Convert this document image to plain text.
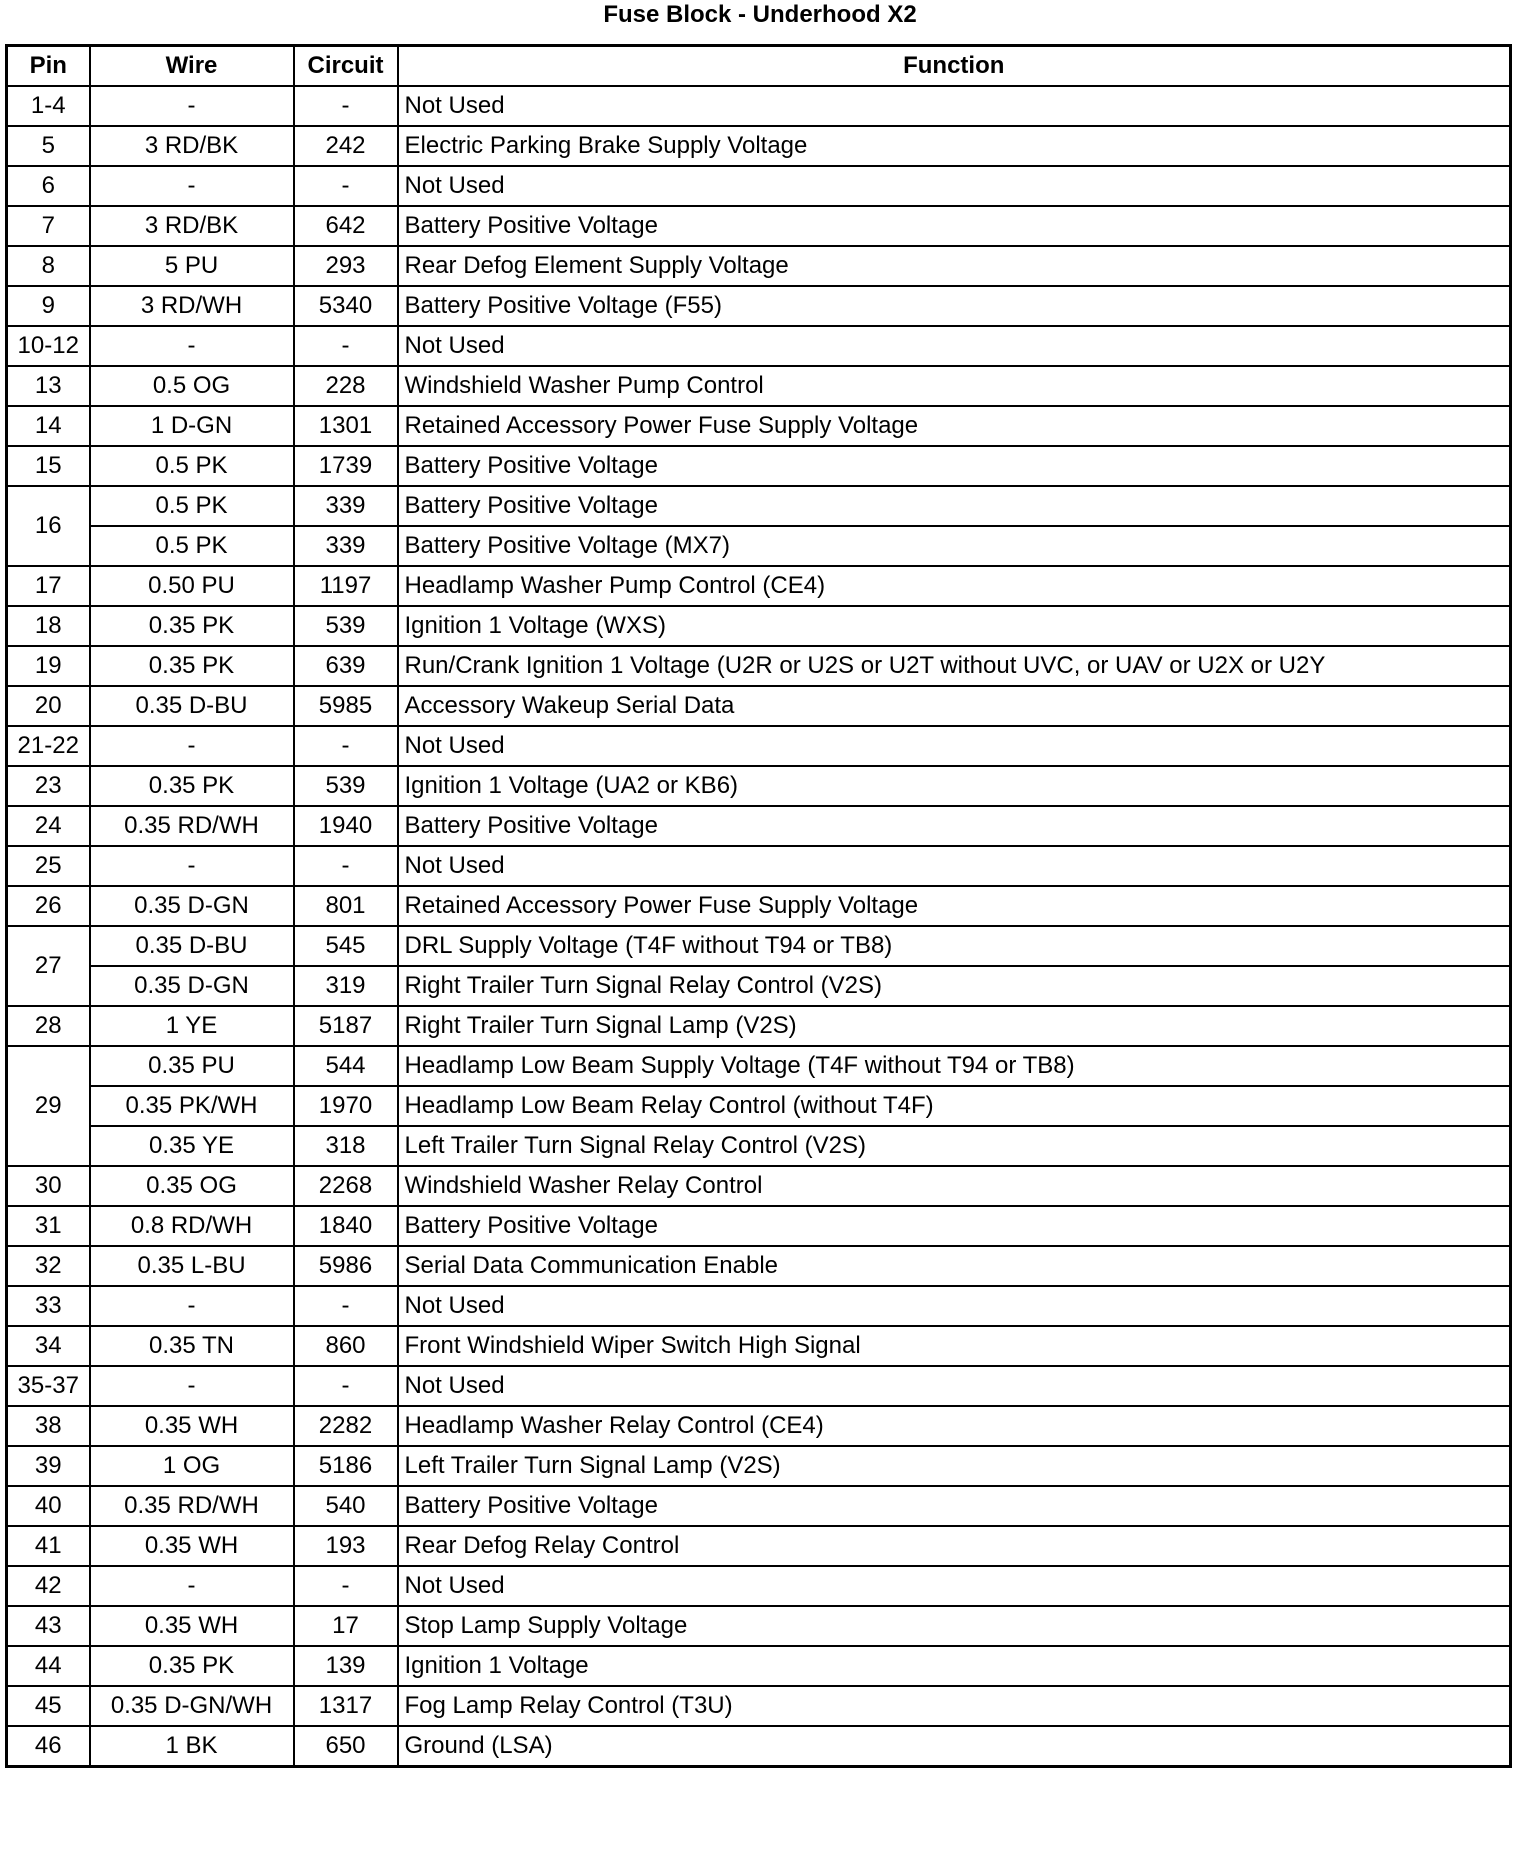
Fuse Block - Underhood X2
Pin	Wire	Circuit	Function
1-4	-	-	Not Used
5	3 RD/BK	242	Electric Parking Brake Supply Voltage
6	-	-	Not Used
7	3 RD/BK	642	Battery Positive Voltage
8	5 PU	293	Rear Defog Element Supply Voltage
9	3 RD/WH	5340	Battery Positive Voltage (F55)
10-12	-	-	Not Used
13	0.5 OG	228	Windshield Washer Pump Control
14	1 D-GN	1301	Retained Accessory Power Fuse Supply Voltage
15	0.5 PK	1739	Battery Positive Voltage
16	0.5 PK	339	Battery Positive Voltage
	0.5 PK	339	Battery Positive Voltage (MX7)
17	0.50 PU	1197	Headlamp Washer Pump Control (CE4)
18	0.35 PK	539	Ignition 1 Voltage (WXS)
19	0.35 PK	639	Run/Crank Ignition 1 Voltage (U2R or U2S or U2T without UVC, or UAV or U2X or U2Y
20	0.35 D-BU	5985	Accessory Wakeup Serial Data
21-22	-	-	Not Used
23	0.35 PK	539	Ignition 1 Voltage (UA2 or KB6)
24	0.35 RD/WH	1940	Battery Positive Voltage
25	-	-	Not Used
26	0.35 D-GN	801	Retained Accessory Power Fuse Supply Voltage
27	0.35 D-BU	545	DRL Supply Voltage (T4F without T94 or TB8)
	0.35 D-GN	319	Right Trailer Turn Signal Relay Control (V2S)
28	1 YE	5187	Right Trailer Turn Signal Lamp (V2S)
29	0.35 PU	544	Headlamp Low Beam Supply Voltage (T4F without T94 or TB8)
	0.35 PK/WH	1970	Headlamp Low Beam Relay Control (without T4F)
	0.35 YE	318	Left Trailer Turn Signal Relay Control (V2S)
30	0.35 OG	2268	Windshield Washer Relay Control
31	0.8 RD/WH	1840	Battery Positive Voltage
32	0.35 L-BU	5986	Serial Data Communication Enable
33	-	-	Not Used
34	0.35 TN	860	Front Windshield Wiper Switch High Signal
35-37	-	-	Not Used
38	0.35 WH	2282	Headlamp Washer Relay Control (CE4)
39	1 OG	5186	Left Trailer Turn Signal Lamp (V2S)
40	0.35 RD/WH	540	Battery Positive Voltage
41	0.35 WH	193	Rear Defog Relay Control
42	-	-	Not Used
43	0.35 WH	17	Stop Lamp Supply Voltage
44	0.35 PK	139	Ignition 1 Voltage
45	0.35 D-GN/WH	1317	Fog Lamp Relay Control (T3U)
46	1 BK	650	Ground (LSA)
